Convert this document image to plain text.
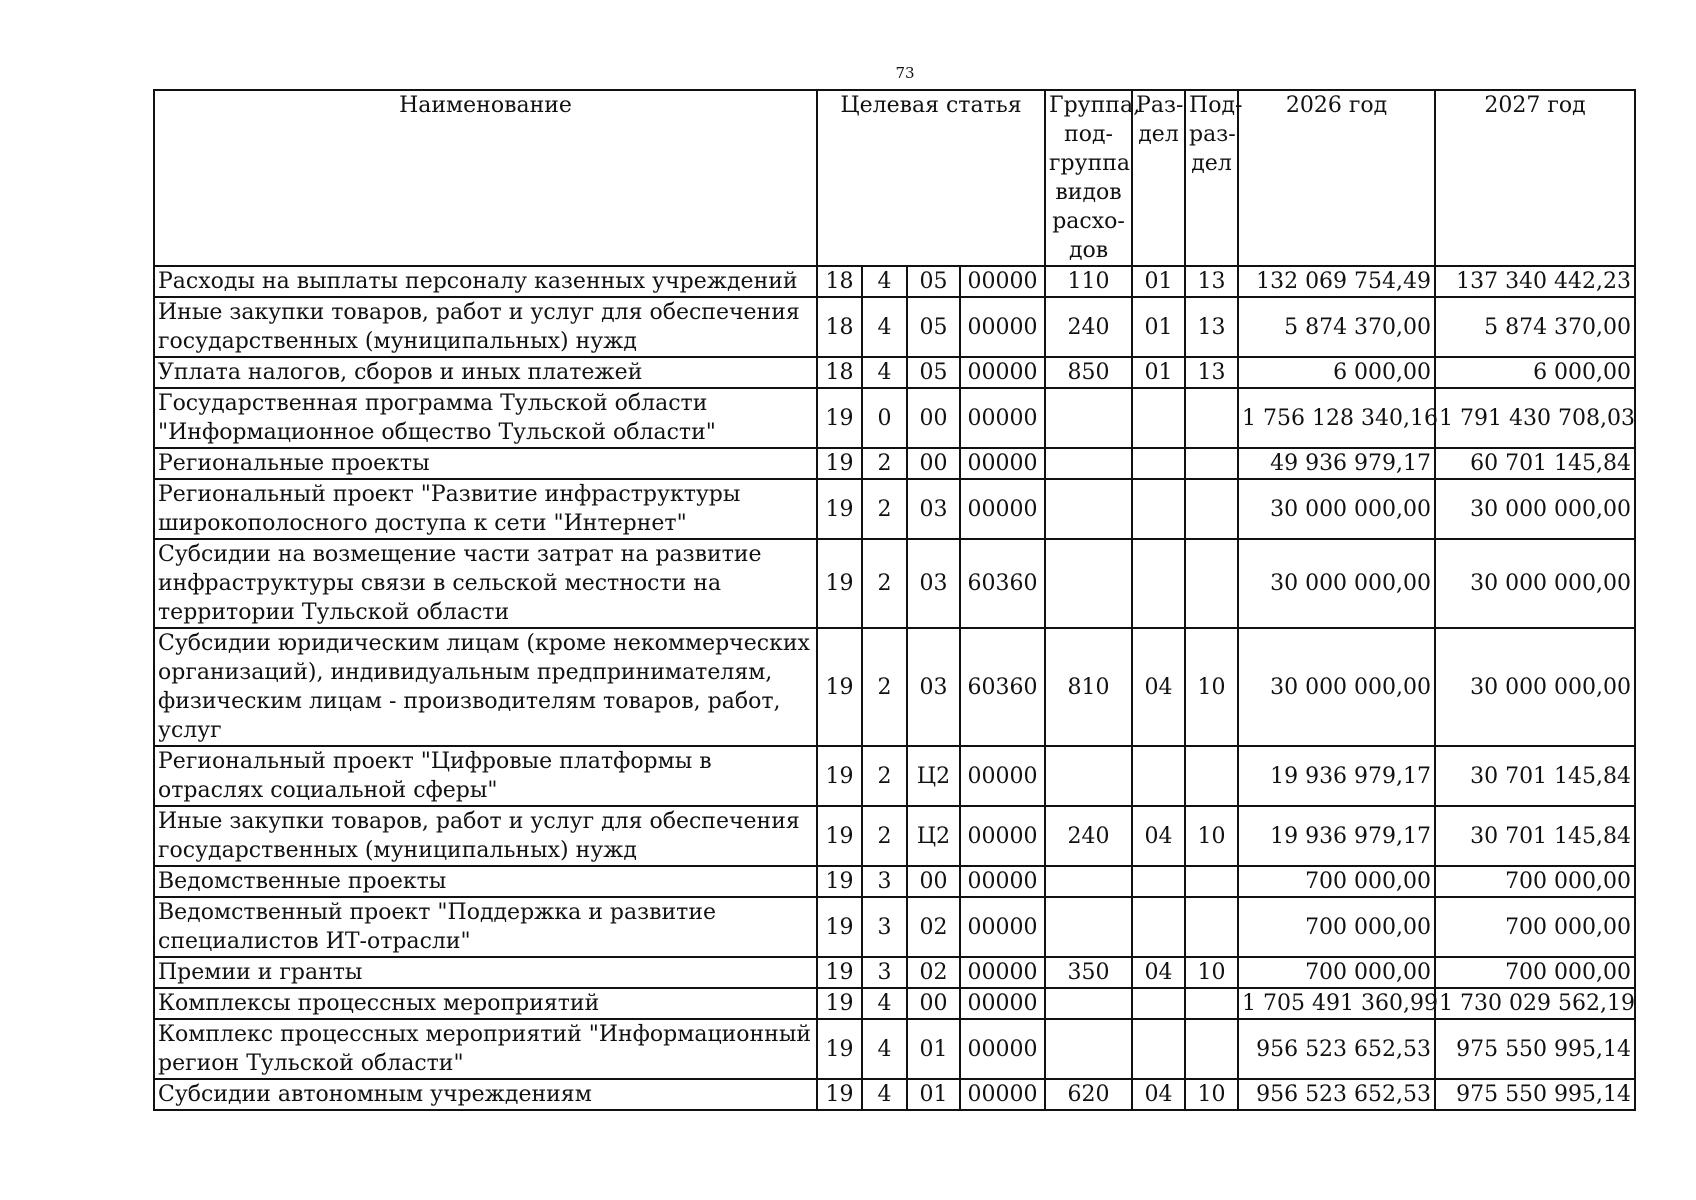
73
Наименование	Целевая статья				Группа, под- группа видов расхо- дов	Раз- дел	Под- раз- дел	2026 год	2027 год
Расходы на выплаты персоналу казенных учреждений	18	4	05	00000	110	01	13	132 069 754,49	137 340 442,23
Иные закупки товаров, работ и услуг для обеспечения государственных (муниципальных) нужд	18	4	05	00000	240	01	13	5 874 370,00	5 874 370,00
Уплата налогов, сборов и иных платежей	18	4	05	00000	850	01	13	6 000,00	6 000,00
Государственная программа Тульской области "Информационное общество Тульской области"	19	0	00	00000				1 756 128 340,16	1 791 430 708,03
Региональные проекты	19	2	00	00000				49 936 979,17	60 701 145,84
Региональный проект "Развитие инфраструктуры широкополосного доступа к сети "Интернет"	19	2	03	00000				30 000 000,00	30 000 000,00
Субсидии на возмещение части затрат на развитие инфраструктуры связи в сельской местности на территории Тульской области	19	2	03	60360				30 000 000,00	30 000 000,00
Субсидии юридическим лицам (кроме некоммерческих организаций), индивидуальным предпринимателям, физическим лицам - производителям товаров, работ, услуг	19	2	03	60360	810	04	10	30 000 000,00	30 000 000,00
Региональный проект "Цифровые платформы в отраслях социальной сферы"	19	2	Ц2	00000				19 936 979,17	30 701 145,84
Иные закупки товаров, работ и услуг для обеспечения государственных (муниципальных) нужд	19	2	Ц2	00000	240	04	10	19 936 979,17	30 701 145,84
Ведомственные проекты	19	3	00	00000				700 000,00	700 000,00
Ведомственный проект "Поддержка и развитие специалистов ИТ-отрасли"	19	3	02	00000				700 000,00	700 000,00
Премии и гранты	19	3	02	00000	350	04	10	700 000,00	700 000,00
Комплексы процессных мероприятий	19	4	00	00000				1 705 491 360,99	1 730 029 562,19
Комплекс процессных мероприятий "Информационный регион Тульской области"	19	4	01	00000				956 523 652,53	975 550 995,14
Субсидии автономным учреждениям	19	4	01	00000	620	04	10	956 523 652,53	975 550 995,14
